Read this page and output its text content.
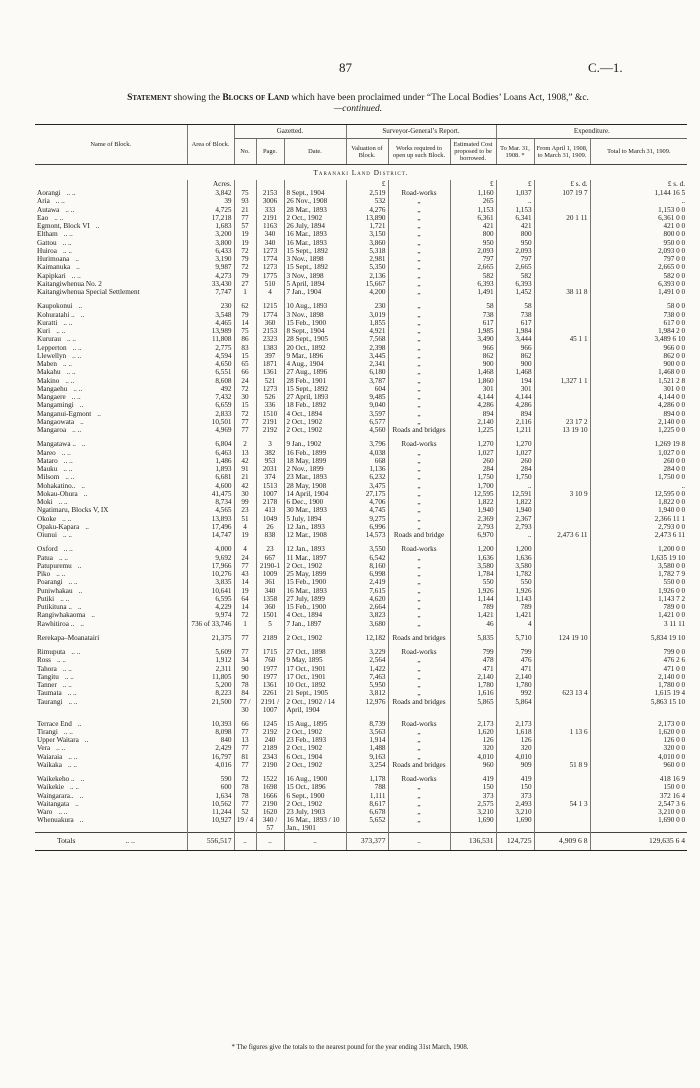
87	C.—1.
Statement showing the Blocks of Land which have been proclaimed under “The Local Bodies’ Loans Act, 1908,” &c.
—continued.
Name of Block.	Area of Block.	Gazetted.			Surveyor-General’s Report.			Expenditure.		
		No.	Page.	Date.	Valuation of Block.	Works required to open up such Block.	Estimated Cost proposed to be borrowed.	To Mar. 31, 1908. *	From April 1, 1908, to March 31, 1909.	Total to March 31, 1909.
Taranaki Land District.										
	Acres.				£		£	£	£ s. d.	£ s. d.
Aorangi .. ..	3,842	75	2153	8 Sept., 1904	2,519	Road-works	1,160	1,037	107 19 7	1,144 16 5
Aria .. ..	39	93	3006	26 Nov., 1908	532	„	265	..		..
Autawa .. ..	4,725	21	333	28 Mar., 1893	4,276	„	1,153	1,153		1,153 0 0
Eao .. ..	17,218	77	2191	2 Oct., 1902	13,890	„	6,361	6,341	20 1 11	6,361 0 0
Egmont, Block VI ..	1,683	57	1163	26 July, 1894	1,721	„	421	421		421 0 0
Eltham .. ..	3,200	19	340	16 Mar., 1893	3,150	„	800	800		800 0 0
Gattou .. ..	3,800	19	340	16 Mar., 1893	3,860	„	950	950		950 0 0
Huiroa .. ..	6,433	72	1273	15 Sept., 1892	5,318	„	2,093	2,093		2,093 0 0
Hurimoana ..	3,190	79	1774	3 Nov., 1898	2,981	„	797	797		797 0 0
Kaimanuka ..	9,987	72	1273	15 Sept., 1892	5,350	„	2,665	2,665		2,665 0 0
Kapipkari .. ..	4,273	79	1775	3 Nov., 1898	2,136	„	582	582		582 0 0
Kaitangiwhenua No. 2	33,430	27	510	5 April, 1894	15,667	„	6,393	6,393		6,393 0 0
Kaitangiwhenua Special Settlement	7,747	1	4	7 Jan., 1904	4,200	„	1,491	1,452	38 11 8	1,491 0 0

Kaupokonui ..	230	62	1215	10 Aug., 1893	230	„	58	58		58 0 0
Kohuratahi .. ..	3,548	79	1774	3 Nov., 1898	3,019	„	738	738		738 0 0
Kuratti .. ..	4,465	14	360	15 Feb., 1900	1,855	„	617	617		617 0 0
Kuri .. ..	13,989	75	2153	8 Sept., 1904	4,921	„	1,985	1,984		1,984 2 0
Kururau .. ..	11,808	86	2323	28 Sept., 1905	7,568	„	3,490	3,444	45 1 1	3,489 6 10
Lepperton .. ..	2,775	83	1383	20 Oct., 1892	2,398	„	966	966		966 0 0
Llewellyn .. ..	4,594	15	397	9 Mar., 1896	3,445	„	862	862		862 0 0
Maben .. ..	4,650	65	1871	4 Aug., 1904	2,341	„	900	900		900 0 0
Makahu .. ..	6,551	66	1361	27 Aug., 1896	6,180	„	1,468	1,468		1,468 0 0
Makino .. ..	8,608	24	521	28 Feb., 1901	3,787	„	1,860	194	1,327 1 1	1,521 2 8
Mangaehu .. ..	492	72	1273	15 Sept., 1892	604	„	301	301		301 0 0
Mangaere .. ..	7,432	30	526	27 April, 1893	9,485	„	4,144	4,144		4,144 0 0
Mangamingi ..	6,659	15	336	18 Feb., 1892	9,040	„	4,286	4,286		4,286 0 0
Manganui-Egmont ..	2,833	72	1510	4 Oct., 1894	3,597	„	894	894		894 0 0
Mangaowata ..	10,501	77	2191	2 Oct., 1902	6,577	„	2,140	2,116	23 17 2	2,140 0 0
Mangaroa .. ..	4,969	77	2192	2 Oct., 1902	4,560	Roads and bridges	1,225	1,211	13 19 10	1,225 0 0

Mangatawa .. ..	6,804	2	3	9 Jan., 1902	3,796	Road-works	1,270	1,270		1,269 19 8
Mareo .. ..	6,463	13	382	16 Feb., 1899	4,038	„	1,027	1,027		1,027 0 0
Mataro .. ..	1,486	42	953	18 May, 1899	668	„	260	260		260 0 0
Mauku .. ..	1,893	91	2031	2 Nov., 1899	1,136	„	284	284		284 0 0
Milsom .. ..	6,681	21	374	23 Mar., 1893	6,232	„	1,750	1,750		1,750 0 0
Mohakatino.. ..	4,600	42	1513	28 May, 1908	3,475	„	1,700	..		..
Mokau-Ohura ..	41,475	30	1007	14 April, 1904	27,175	„	12,595	12,591	3 10 9	12,595 0 0
Moki .. ..	8,734	99	2178	6 Dec., 1900	4,706	„	1,822	1,822		1,822 0 0
Ngatimaru, Blocks V, IX	4,565	23	413	30 Mar., 1893	4,745	„	1,940	1,940		1,940 0 0
Okoke .. ..	13,893	51	1049	5 July, 1894	9,275	„	2,369	2,367		2,366 11 1
Opaku-Kapara ..	17,496	4	26	12 Jan., 1893	6,996	„	2,793	2,793		2,793 0 0
Oiunui .. ..	14,747	19	838	12 Mar., 1908	14,573	Roads and bridge	6,970	..	2,473 6 11	2,473 6 11

Oxford .. ..	4,000	4	23	12 Jan., 1893	3,550	Road-works	1,200	1,200		1,200 0 0
Patua .. ..	9,692	24	667	11 Mar., 1897	6,542	„	1,636	1,636		1,635 19 10
Patupuremu ..	17,966	77	2190-1	2 Oct., 1902	8,160	„	3,580	3,580		3,580 0 0
Piko .. ..	10,276	43	1009	25 May, 1899	6,998	„	1,784	1,782		1,782 7 9
Poarangi .. ..	3,835	14	361	15 Feb., 1900	2,419	„	550	550		550 0 0
Puniwhakau ..	10,641	19	340	16 Mar., 1893	7,615	„	1,926	1,926		1,926 0 0
Putiki .. ..	6,595	64	1358	27 July, 1899	4,620	„	1,144	1,143		1,143 7 2
Putikituna .. ..	4,229	14	360	15 Feb., 1900	2,664	„	789	789		789 0 0
Rangiwhakaoma ..	9,974	72	1501	4 Oct., 1894	3,823	„	1,421	1,421		1,421 0 0
Rawhitiroa .. ..	736 of 33,746	1	5	7 Jan., 1897	3,680	„	46	4		3 11 11

Rerekapa–Moanatairi	21,375	77	2189	2 Oct., 1902	12,182	Roads and bridges	5,835	5,710	124 19 10	5,834 19 10

Rimuputa .. ..	5,609	77	1715	27 Oct., 1898	3,229	Road-works	799	799		799 0 0
Ross .. ..	1,912	34	760	9 May, 1895	2,564	„	478	476		476 2 6
Tahora .. ..	2,311	90	1977	17 Oct., 1901	1,422	„	471	471		471 0 0
Tangitu .. ..	11,805	90	1977	17 Oct., 1901	7,463	„	2,140	2,140		2,140 0 0
Tanner .. ..	5,200	78	1361	10 Oct., 1892	5,950	„	1,780	1,780		1,780 0 0
Taumata .. ..	8,223	84	2261	21 Sept., 1905	3,812	„	1,616	992	623 13 4	1,615 19 4
Taurangi .. ..	21,500	77 / 30	2191 / 1007	2 Oct., 1902 / 14 April, 1904	12,976	Roads and bridges	5,865	5,864		5,863 15 10

Terrace End ..	10,393	66	1245	15 Aug., 1895	8,739	Road-works	2,173	2,173		2,173 0 0
Tirangi .. ..	8,098	77	2192	2 Oct., 1902	3,563	„	1,620	1,618	1 13 6	1,620 0 0
Upper Waitara ..	840	13	240	23 Feb., 1893	1,914	„	126	126		126 0 0
Vera .. ..	2,429	77	2189	2 Oct., 1902	1,488	„	320	320		320 0 0
Waiaraia .. ..	16,797	81	2343	6 Oct., 1904	9,163	„	4,010	4,010		4,010 0 0
Waikaka .. ..	4,016	77	2190	2 Oct., 1902	3,254	Roads and bridges	960	909	51 8 9	960 0 0

Waikekeho .. ..	590	72	1522	16 Aug., 1900	1,178	Road-works	419	419		418 16 9
Waikekie .. ..	600	78	1698	15 Oct., 1896	788	„	150	150		150 0 0
Waingarara.. ..	1,634	78	1666	6 Sept., 1900	1,111	„	373	373		372 16 4
Waitangata ..	10,562	77	2190	2 Oct., 1902	8,617	„	2,575	2,493	54 1 3	2,547 3 6
Waro .. ..	11,244	52	1620	23 July, 1903	6,678	„	3,210	3,210		3,210 0 0
Whenuakura ..	10,927	19 / 4	340 / 57	16 Mar., 1893 / 10 Jan., 1901	5,652	„	1,690	1,690		1,690 0 0
Totals .. ..	556,517	..	..	..	373,377	..	136,531	124,725	4,909 6 8	129,635 6 4
* The figures give the totals to the nearest pound for the year ending 31st March, 1908.
